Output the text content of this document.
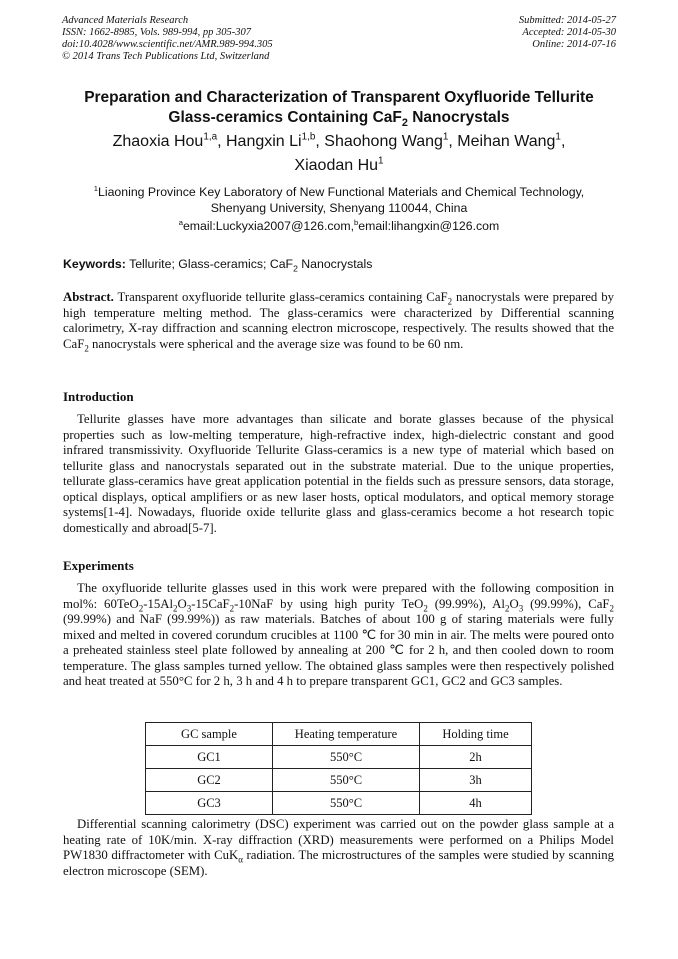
Advanced Materials Research
ISSN: 1662-8985, Vols. 989-994, pp 305-307
doi:10.4028/www.scientific.net/AMR.989-994.305
© 2014 Trans Tech Publications Ltd, Switzerland
Submitted: 2014-05-27
Accepted: 2014-05-30
Online: 2014-07-16
Preparation and Characterization of Transparent Oxyfluoride Tellurite
Glass-ceramics Containing CaF$_2$ Nanocrystals
Zhaoxia Hou$^{1,a}$, Hangxin Li$^{1,b}$, Shaohong Wang$^1$, Meihan Wang$^1$,
Xiaodan Hu$^1$
$^1$Liaoning Province Key Laboratory of New Functional Materials and Chemical Technology,
Shenyang University, Shenyang 110044, China
$^a$email:Luckyxia2007@126.com,$^b$email:lihangxin@126.com
Keywords: Tellurite; Glass-ceramics; CaF$_2$ Nanocrystals

Abstract. Transparent oxyfluoride tellurite glass-ceramics containing CaF$_2$ nanocrystals were prepared by high temperature melting method. The glass-ceramics were characterized by Differential scanning calorimetry, X-ray diffraction and scanning electron microscope, respectively. The results showed that the CaF$_2$ nanocrystals were spherical and the average size was found to be 60 nm.

Introduction

Tellurite glasses have more advantages than silicate and borate glasses because of the physical properties such as low-melting temperature, high-refractive index, high-dielectric constant and good infrared transmissivity. Oxyfluoride Tellurite Glass-ceramics is a new type of material which based on tellurite glass and nanocrystals separated out in the substrate material. Due to the unique properties, tellurate glass-ceramics have great application potential in the fields such as pressure sensors, data storage, optical displays, optical amplifiers or as new laser hosts, optical modulators, and optical memory storage systems[1-4]. Nowadays, fluoride oxide tellurite glass and glass-ceramics become a hot research topic domestically and abroad[5-7].

Experiments

The oxyfluoride tellurite glasses used in this work were prepared with the following composition in mol%: $60TeO_2-15Al_2O_3-15CaF_2-10NaF$ by using high purity TeO$_2$ (99.99%), $Al_2O_3$ (99.99%), CaF$_2$ (99.99%) and NaF (99.99%)) as raw materials. Batches of about 100 g of staring materials were fully mixed and melted in covered corundum crucibles at 1100 ℃ for 30 min in air. The melts were poured onto a preheated stainless steel plate followed by annealing at 200 ℃ for 2 h, and then cooled down to room temperature. The glass samples turned yellow. The obtained glass samples were then respectively polished and heat treated at 550°C for 2 h, 3 h and 4 h to prepare transparent GC1, GC2 and GC3 samples.

GC sample	Heating temperature	Holding time
GC1	550°C	2h
GC2	550°C	3h
GC3	550°C	4h

Differential scanning calorimetry (DSC) experiment was carried out on the powder glass sample at a heating rate of 10K/min. X-ray diffraction (XRD) measurements were performed on a Philips Model PW1830 diffractometer with CuK$_\alpha$ radiation. The microstructures of the samples were studied by scanning electron microscope (SEM).
